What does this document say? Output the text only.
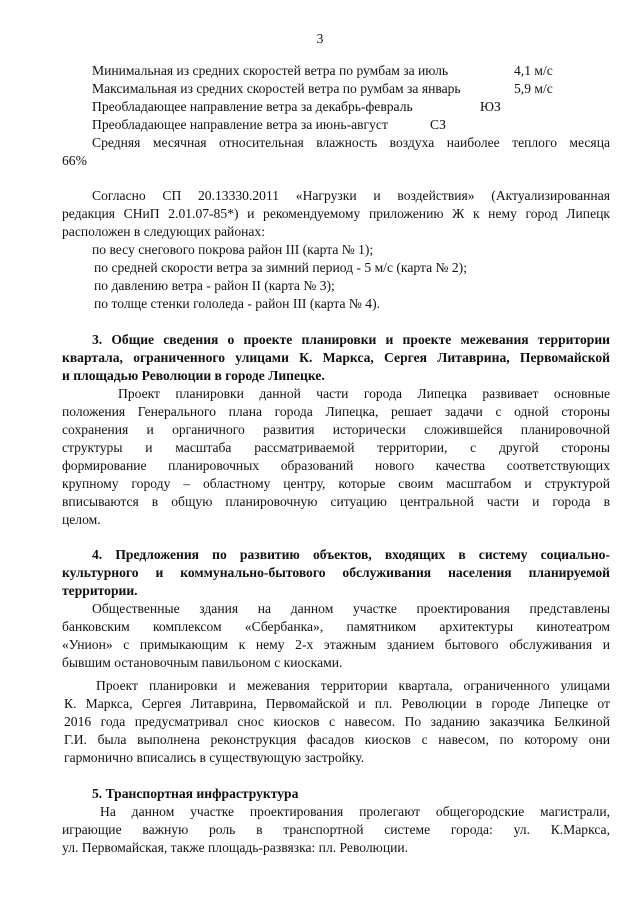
3
Минимальная из средних скоростей ветра по румбам за июль	4,1 м/с
Максимальная из средних скоростей ветра по румбам за январь	5,9 м/с
Преобладающее направление ветра за декабрь-февраль	ЮЗ
Преобладающее направление ветра за июнь-август	СЗ
Средняя месячная относительная влажность воздуха наиболее теплого месяца
66%
Согласно СП 20.13330.2011 «Нагрузки и воздействия» (Актуализированная
редакция СНиП 2.01.07-85*) и рекомендуемому приложению Ж к нему город Липецк
расположен в следующих районах:
по весу снегового покрова район III (карта № 1);
по средней скорости ветра за зимний период - 5 м/с (карта № 2);
по давлению ветра - район II (карта № 3);
по толще стенки гололеда - район III (карта № 4).
3. Общие сведения о проекте планировки и проекте межевания территории
квартала, ограниченного улицами К. Маркса, Сергея Литаврина, Первомайской
и площадью Революции в городе Липецке.
Проект планировки данной части города Липецка развивает основные
положения Генерального плана города Липецка, решает задачи с одной стороны
сохранения и органичного развития исторически сложившейся планировочной
структуры и масштаба рассматриваемой территории, с другой стороны
формирование планировочных образований нового качества соответствующих
крупному городу – областному центру, которые своим масштабом и структурой
вписываются в общую планировочную ситуацию центральной части и города в
целом.
4. Предложения по развитию объектов, входящих в систему социально-
культурного и коммунально-бытового обслуживания населения планируемой
территории.
Общественные здания на данном участке проектирования представлены
банковским комплексом «Сбербанка», памятником архитектуры кинотеатром
«Унион» с примыкающим к нему 2-х этажным зданием бытового обслуживания и
бывшим остановочным павильоном с киосками.
Проект планировки и межевания территории квартала, ограниченного улицами
К. Маркса, Сергея Литаврина, Первомайской и пл. Революции в городе Липецке от
2016 года предусматривал снос киосков с навесом. По заданию заказчика Белкиной
Г.И. была выполнена реконструкция фасадов киосков с навесом, по которому они
гармонично вписались в существующую застройку.
5. Транспортная инфраструктура
На данном участке проектирования пролегают общегородские магистрали,
играющие важную роль в транспортной системе города: ул. К.Маркса,
ул. Первомайская, также площадь-развязка: пл. Революции.
